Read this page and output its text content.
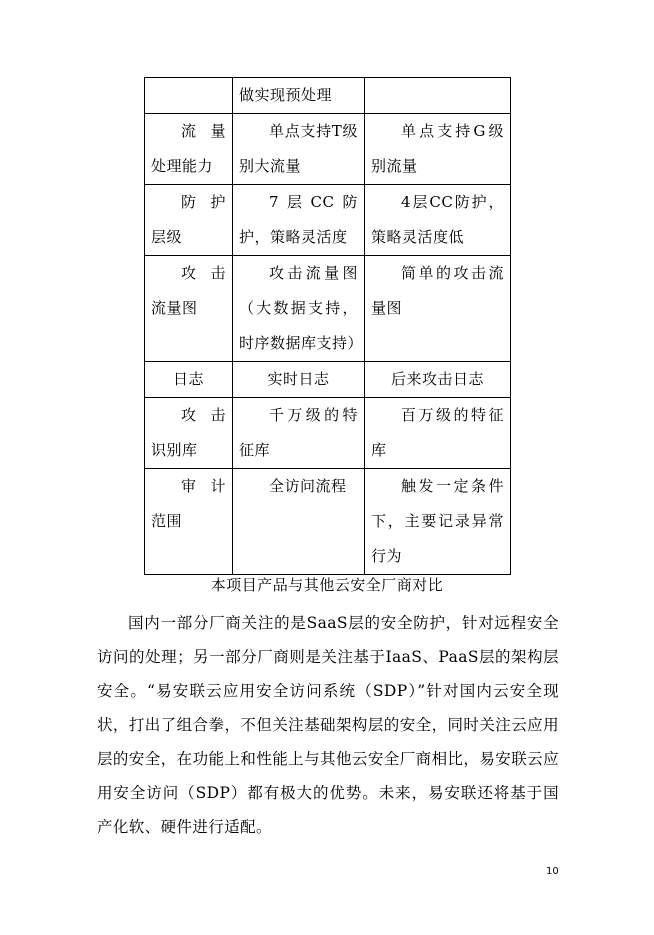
	做实现预处理	
流量处理能力	单点支持T级别大流量	单点支持G级别流量
防护层级	7层CC防护，策略灵活度	4层CC防护，策略灵活度低
攻击流量图	攻击流量图（大数据支持，时序数据库支持）	简单的攻击流量图
日志	实时日志	后来攻击日志
攻击识别库	千万级的特征库	百万级的特征库
审计范围	全访问流程	触发一定条件下，主要记录异常行为
本项目产品与其他云安全厂商对比

国内一部分厂商关注的是SaaS层的安全防护，针对远程安全访问的处理；另一部分厂商则是关注基于IaaS、PaaS层的架构层安全。“易安联云应用安全访问系统（SDP）”针对国内云安全现状，打出了组合拳，不但关注基础架构层的安全，同时关注云应用层的安全，在功能上和性能上与其他云安全厂商相比，易安联云应用安全访问（SDP）都有极大的优势。未来，易安联还将基于国产化软、硬件进行适配。

10
